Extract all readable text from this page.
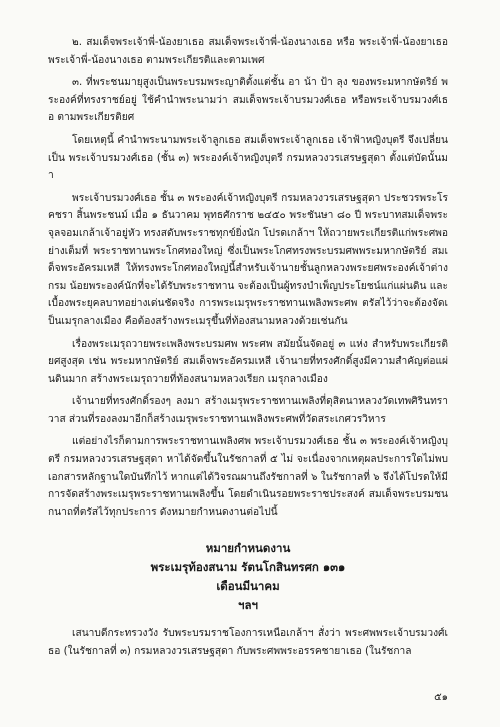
๒. สมเด็จพระเจ้าพี่-น้องยาเธอ สมเด็จพระเจ้าพี่-น้องนางเธอ หรือ พระเจ้าพี่-น้องยาเธอ พระเจ้าพี่-น้องนางเธอ ตามพระเกียรติและตามเพศ

๓. ที่พระชนมายุสูงเป็นพระบรมพระญาติตั้งแต่ชั้น อา น้า ป้า ลุง ของพระมหากษัตริย์ พระองค์ที่ทรงราชย์อยู่ ใช้คำนำพระนามว่า สมเด็จพระเจ้าบรมวงศ์เธอ หรือพระเจ้าบรมวงศ์เธอ ตามพระเกียรติยศ

โดยเหตุนี้ คำนำพระนามพระเจ้าลูกเธอ สมเด็จพระเจ้าลูกเธอ เจ้าฟ้าหญิงบุตรี จึงเปลี่ยนเป็น พระเจ้าบรมวงศ์เธอ (ชั้น ๓) พระองค์เจ้าหญิงบุตรี กรมหลวงวรเสรษฐสุดา ตั้งแต่บัดนั้นมา

พระเจ้าบรมวงศ์เธอ ชั้น ๓ พระองค์เจ้าหญิงบุตรี กรมหลวงวรเสรษฐสุดา ประชวรพระโรคชรา สิ้นพระชนม์ เมื่อ ๑ ธันวาคม พุทธศักราช ๒๔๕๐ พระชันษา ๘๐ ปี พระบาทสมเด็จพระจุลจอมเกล้าเจ้าอยู่หัว ทรงสดับพระราชทุกข์ยิ่งนัก โปรดเกล้าฯ ให้ถวายพระเกียรติแก่พระศพอย่างเต็มที่ พระราชทานพระโกศทองใหญ่ ซึ่งเป็นพระโกศทรงพระบรมศพพระมหากษัตริย์ สมเด็จพระอัครมเหสี ให้ทรงพระโกศทองใหญ่นี้สำหรับเจ้านายชั้นลูกหลวงพระยศพระองค์เจ้าต่างกรม น้อยพระองค์นักที่จะได้รับพระราชทาน จะต้องเป็นผู้ทรงบำเพ็ญประโยชน์แก่แผ่นดิน และเบื้องพระยุคลบาทอย่างเด่นชัดจริง การพระเมรุพระราชทานเพลิงพระศพ ตรัสไว้ว่าจะต้องจัดเป็นเมรุกลางเมือง คือต้องสร้างพระเมรุขึ้นที่ท้องสนามหลวงด้วยเช่นกัน

เรื่องพระเมรุถวายพระเพลิงพระบรมศพ พระศพ สมัยนั้นจัดอยู่ ๓ แห่ง สำหรับพระเกียรติยศสูงสุด เช่น พระมหากษัตริย์ สมเด็จพระอัครมเหสี เจ้านายที่ทรงศักดิ์สูงมีความสำคัญต่อแผ่นดินมาก สร้างพระเมรุถวายที่ท้องสนามหลวงเรียก เมรุกลางเมือง

เจ้านายที่ทรงศักดิ์รองๆ ลงมา สร้างเมรุพระราชทานเพลิงที่ดุสิตนาหลวงวัดเทพศิรินทราวาส ส่วนที่รองลงมาอีกก็สร้างเมรุพระราชทานเพลิงพระศพที่วัดสระเกศวรวิหาร

แต่อย่างไรก็ตามการพระราชทานเพลิงศพ พระเจ้าบรมวงศ์เธอ ชั้น ๓ พระองค์เจ้าหญิงบุตรี กรมหลวงวรเสรษฐสุดา หาได้จัดขึ้นในรัชกาลที่ ๕ ไม่ จะเนื่องจากเหตุผลประการใดไม่พบเอกสารหลักฐานใดบันทึกไว้ หากแต่ได้วิจรณผานถึงรัชกาลที่ ๖ ในรัชกาลที่ ๖ จึงได้โปรดให้มีการจัดสร้างพระเมรุพระราชทานเพลิงขึ้น โดยดำเนินรอยพระราชประสงค์ สมเด็จพระบรมชนกนาถที่ตรัสไว้ทุกประการ ดังหมายกำหนดงานต่อไปนี้

หมายกำหนดงาน

พระเมรุท้องสนาม รัตนโกสินทรศก ๑๓๑

เดือนมีนาคม

ฯลฯ

เสนาบดีกระทรวงวัง รับพระบรมราชโองการเหนือเกล้าฯ สั่งว่า พระศพพระเจ้าบรมวงศ์เธอ (ในรัชกาลที่ ๓) กรมหลวงวรเสรษฐสุดา กับพระศพพระอรรคชายาเธอ (ในรัชกาล

๕๑
